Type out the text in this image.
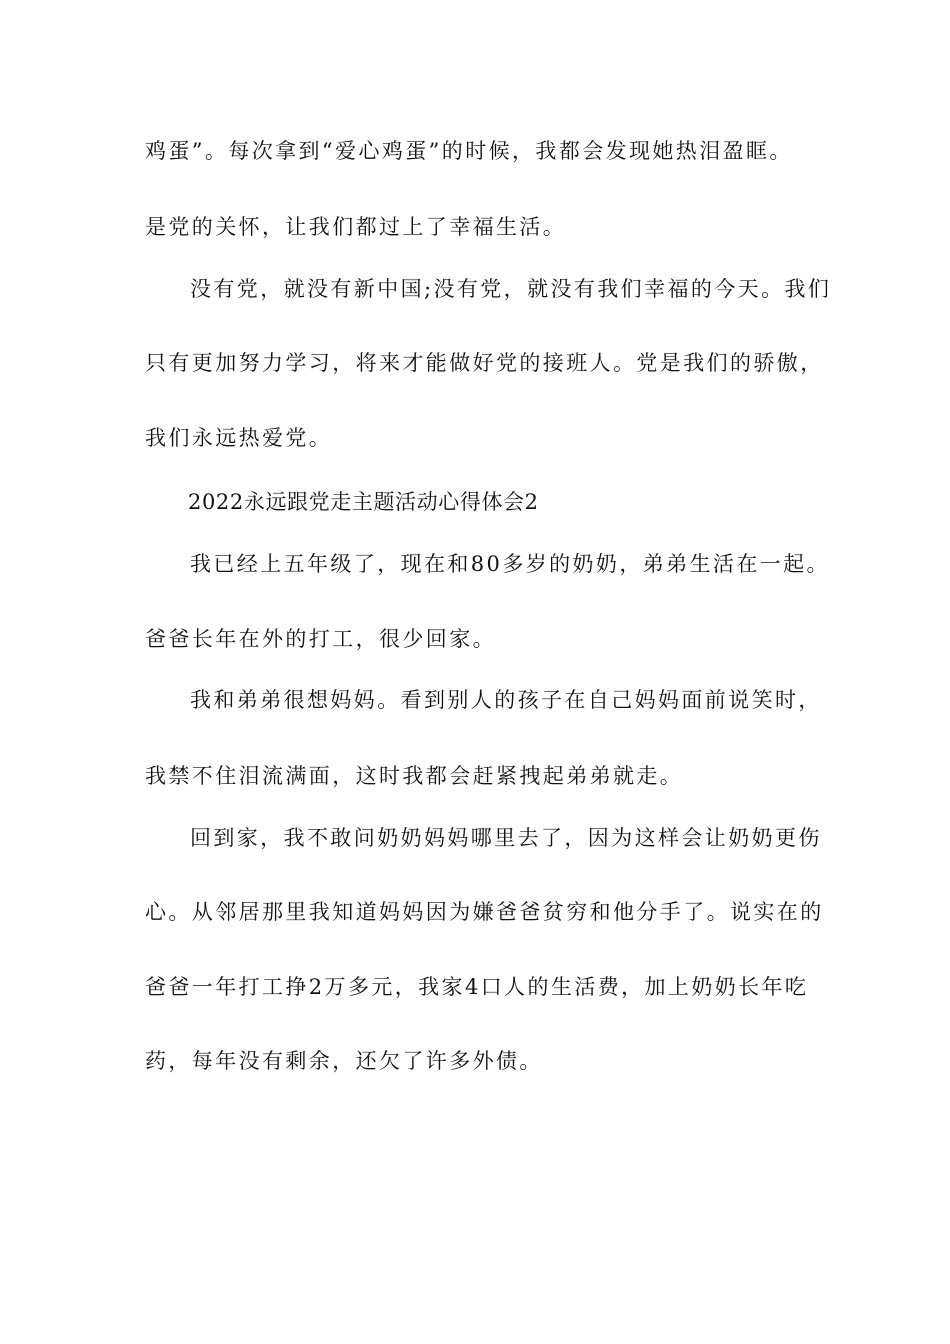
鸡蛋”。每次拿到“爱心鸡蛋”的时候，我都会发现她热泪盈眶。
是党的关怀，让我们都过上了幸福生活。
没有党，就没有新中国;没有党，就没有我们幸福的今天。我们
只有更加努力学习，将来才能做好党的接班人。党是我们的骄傲，
我们永远热爱党。
2022永远跟党走主题活动心得体会2
我已经上五年级了，现在和80多岁的奶奶，弟弟生活在一起。
爸爸长年在外的打工，很少回家。
我和弟弟很想妈妈。看到别人的孩子在自己妈妈面前说笑时，
我禁不住泪流满面，这时我都会赶紧拽起弟弟就走。
回到家，我不敢问奶奶妈妈哪里去了，因为这样会让奶奶更伤
心。从邻居那里我知道妈妈因为嫌爸爸贫穷和他分手了。说实在的
爸爸一年打工挣2万多元，我家4口人的生活费，加上奶奶长年吃
药，每年没有剩余，还欠了许多外债。
